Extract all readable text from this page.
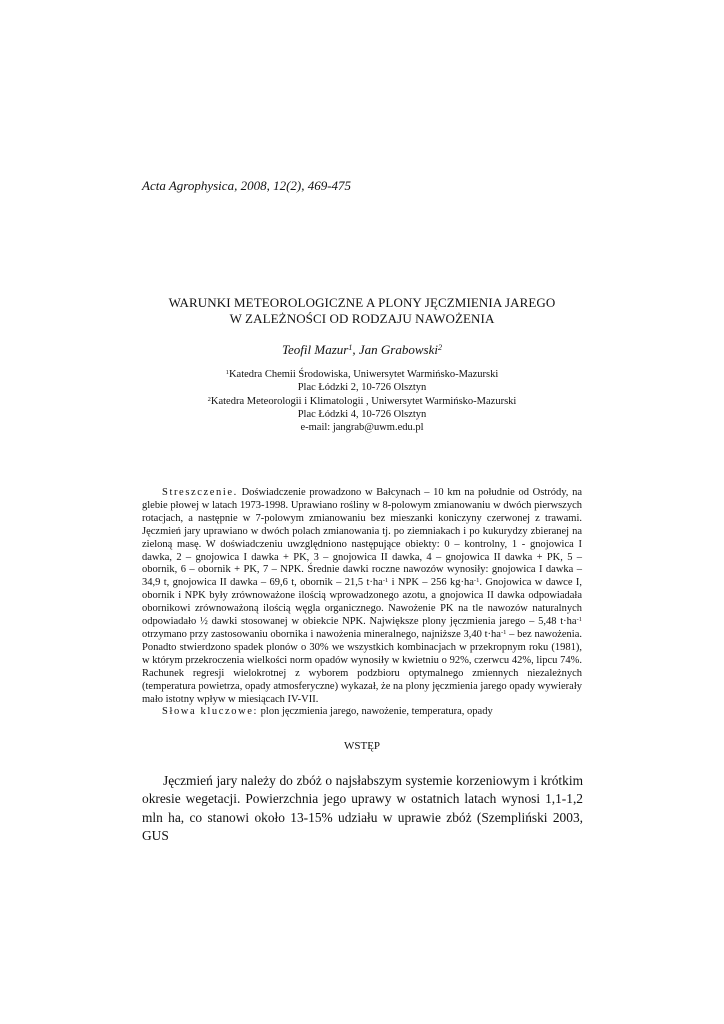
Acta Agrophysica, 2008, 12(2), 469-475
WARUNKI METEOROLOGICZNE A PLONY JĘCZMIENIA JAREGO
W ZALEŻNOŚCI OD RODZAJU NAWOŻENIA
Teofil Mazur$^1$, Jan Grabowski$^2$
$^1$Katedra Chemii Środowiska, Uniwersytet Warmińsko-Mazurski
Plac Łódzki 2, 10-726 Olsztyn
$^2$Katedra Meteorologii i Klimatologii , Uniwersytet Warmińsko-Mazurski
Plac Łódzki 4, 10-726 Olsztyn
e-mail: jangrab@uwm.edu.pl

Streszczenie. Doświadczenie prowadzono w Bałcynach – 10 km na południe od Ostródy, na glebie płowej w latach 1973-1998. Uprawiano rośliny w 8-polowym zmianowaniu w dwóch pierwszych rotacjach, a następnie w 7-polowym zmianowaniu bez mieszanki koniczyny czerwonej z trawami. Jęczmień jary uprawiano w dwóch polach zmianowania tj. po ziemniakach i po kukurydzy zbieranej na zieloną masę. W doświadczeniu uwzględniono następujące obiekty: 0 – kontrolny, 1 - gnojowica I dawka, 2 – gnojowica I dawka + PK, 3 – gnojowica II dawka, 4 – gnojowica II dawka + PK, 5 – obornik, 6 – obornik + PK, 7 – NPK. Średnie dawki roczne nawozów wynosiły: gnojowica I dawka – 34,9 t, gnojowica II dawka – 69,6 t, obornik – 21,5 $t\cdot ha^{-1}$ i NPK – 256 $kg\cdot ha^{-1}$. Gnojowica w dawce I, obornik i NPK były zrównoważone ilością wprowadzonego azotu, a gnojowica II dawka odpowiadała obornikowi zrównoważoną ilością węgla organicznego. Nawożenie PK na tle nawozów naturalnych odpowiadało ½ dawki stosowanej w obiekcie NPK. Największe plony jęczmienia jarego – 5,48 $t\cdot ha^{-1}$ otrzymano przy zastosowaniu obornika i nawożenia mineralnego, najniższe 3,40 $t\cdot ha^{-1}$ – bez nawożenia. Ponadto stwierdzono spadek plonów o 30% we wszystkich kombinacjach w przekropnym roku (1981), w którym przekroczenia wielkości norm opadów wynosiły w kwietniu o 92%, czerwcu 42%, lipcu 74%. Rachunek regresji wielokrotnej z wyborem podzbioru optymalnego zmiennych niezależnych (temperatura powietrza, opady atmosferyczne) wykazał, że na plony jęczmienia jarego opady wywierały mało istotny wpływ w miesiącach IV-VII.

Słowa kluczowe: plon jęczmienia jarego, nawożenie, temperatura, opady

WSTĘP

Jęczmień jary należy do zbóż o najsłabszym systemie korzeniowym i krótkim okresie wegetacji. Powierzchnia jego uprawy w ostatnich latach wynosi 1,1-1,2 mln ha, co stanowi około 13-15% udziału w uprawie zbóż (Szempliński 2003, GUS
